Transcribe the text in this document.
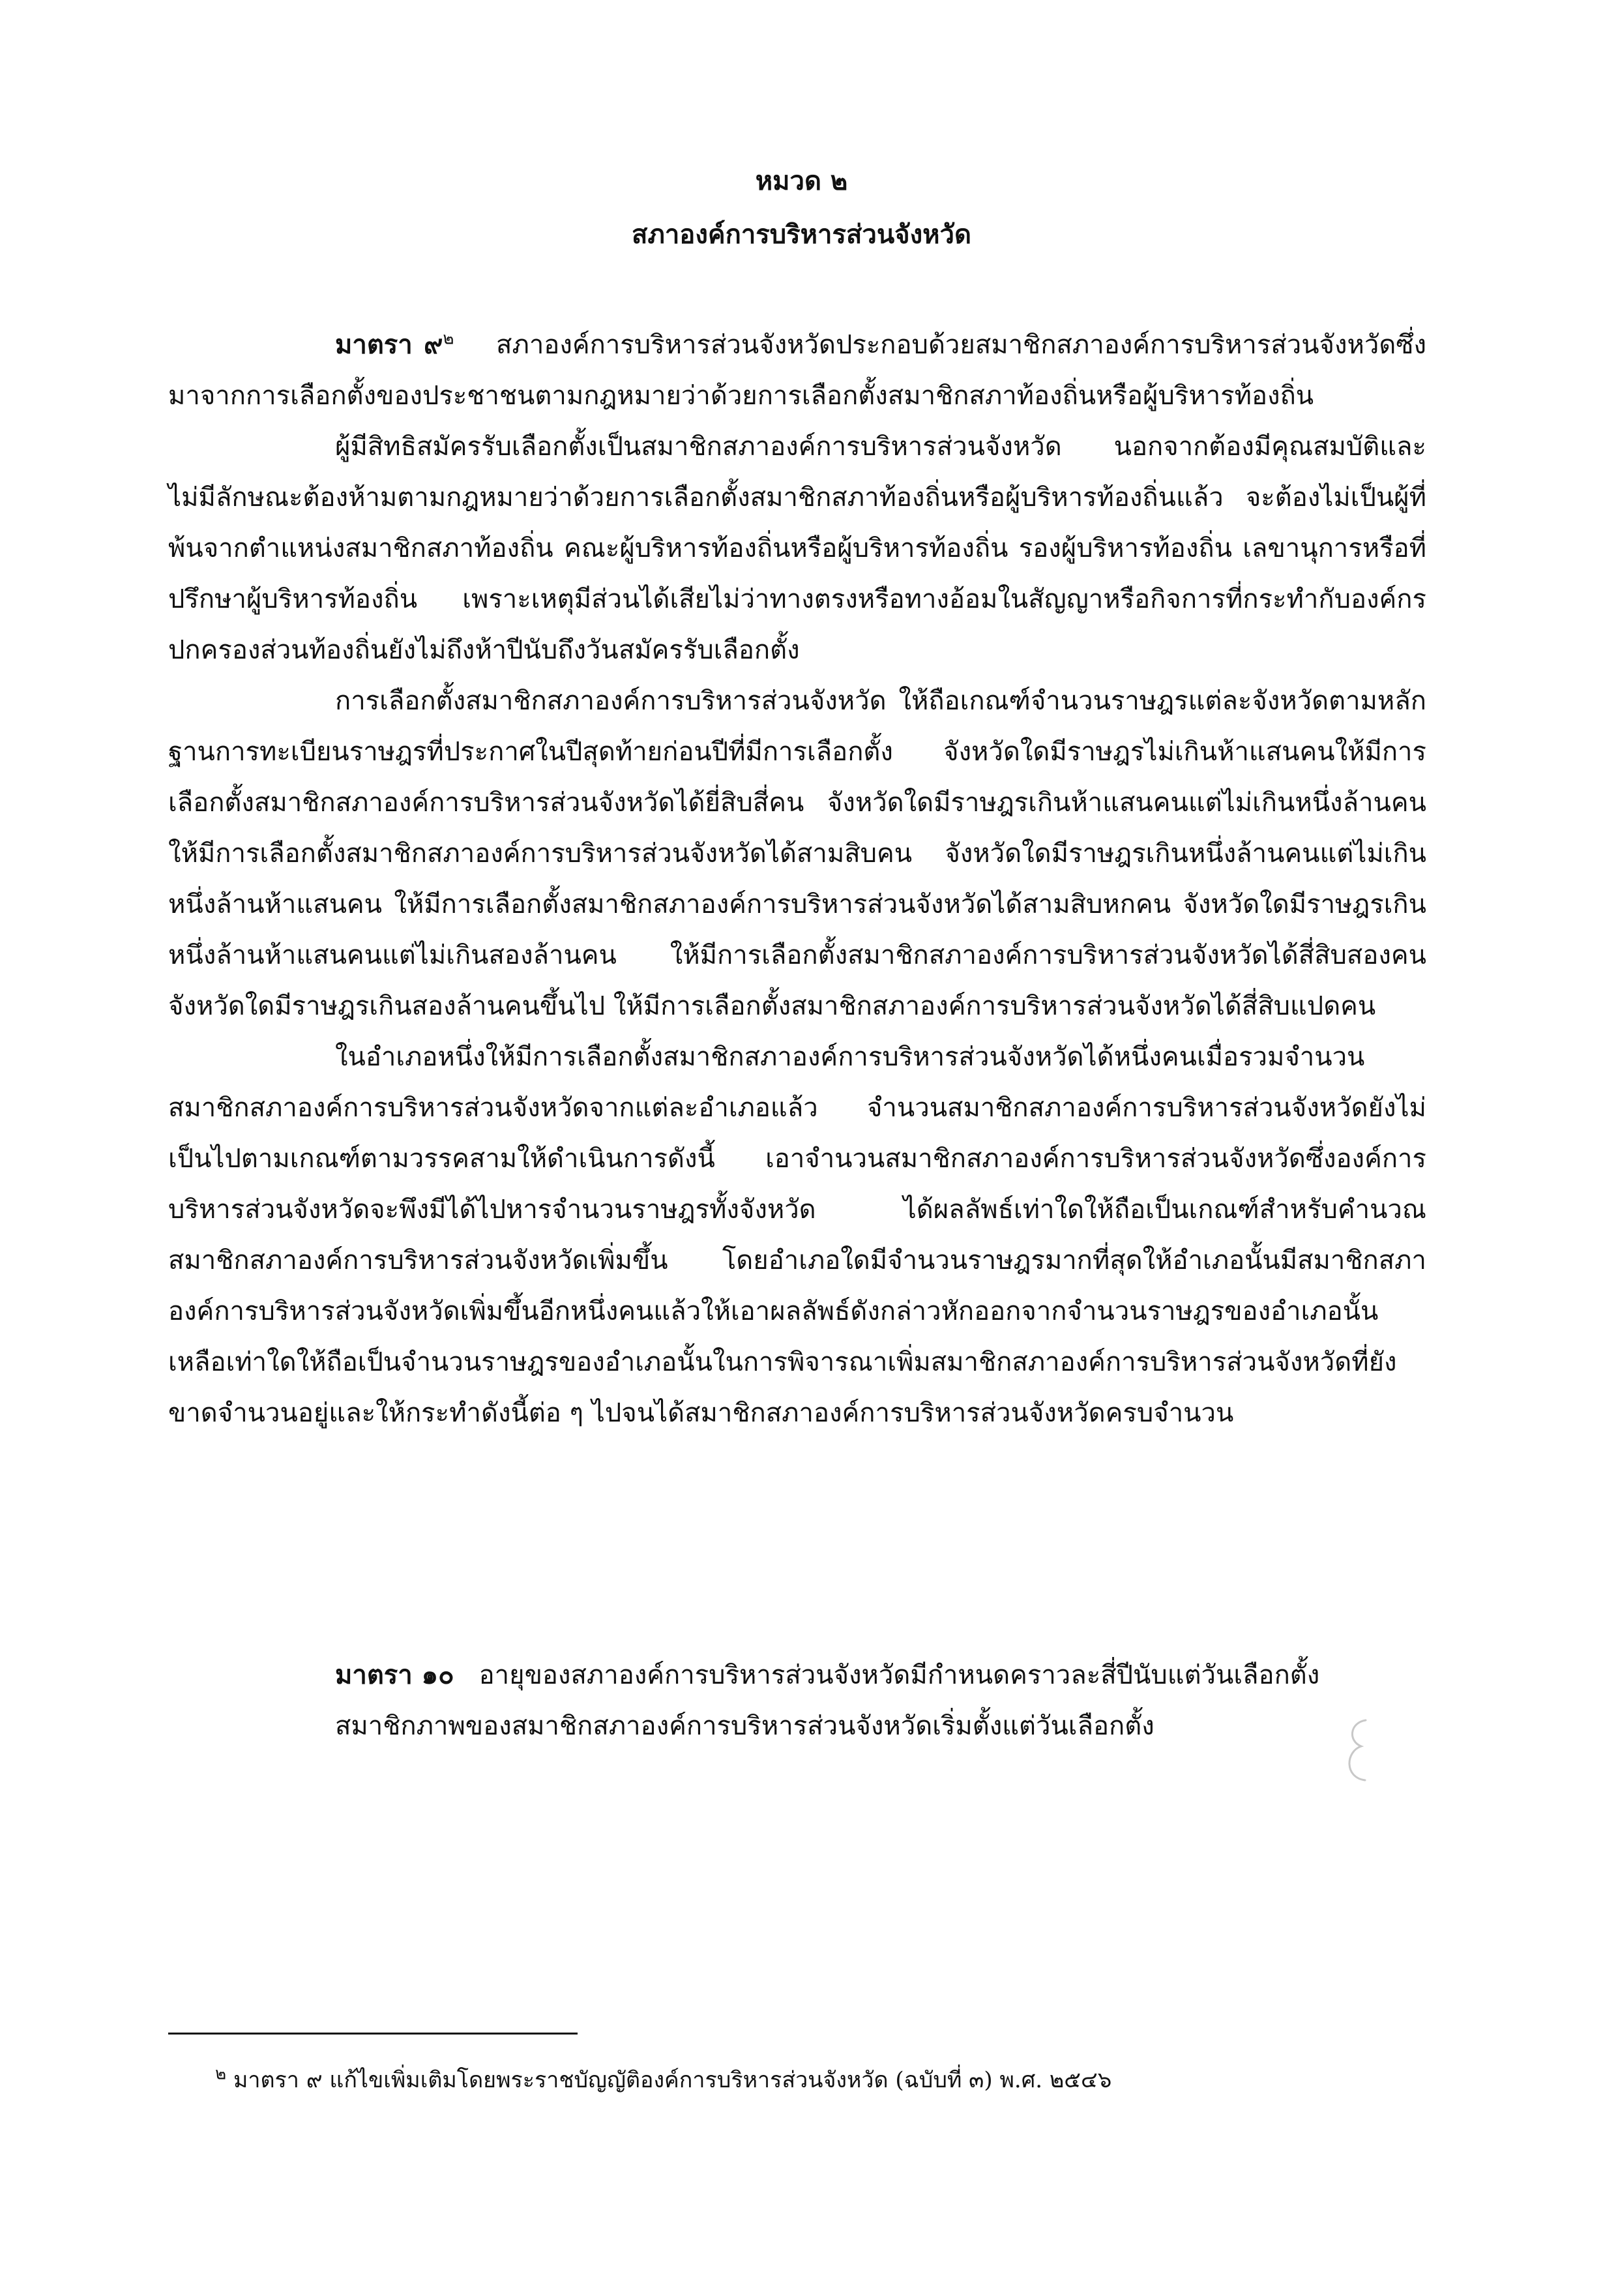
หมวด ๒
สภาองค์การบริหารส่วนจังหวัด

มาตรา ๙$^๒$ สภาองค์การบริหารส่วนจังหวัดประกอบด้วยสมาชิกสภาองค์การบริหารส่วนจังหวัดซึ่งมาจากการเลือกตั้งของประชาชนตามกฎหมายว่าด้วยการเลือกตั้งสมาชิกสภาท้องถิ่นหรือผู้บริหารท้องถิ่น

ผู้มีสิทธิสมัครรับเลือกตั้งเป็นสมาชิกสภาองค์การบริหารส่วนจังหวัด นอกจากต้องมีคุณสมบัติและไม่มีลักษณะต้องห้ามตามกฎหมายว่าด้วยการเลือกตั้งสมาชิกสภาท้องถิ่นหรือผู้บริหารท้องถิ่นแล้ว จะต้องไม่เป็นผู้ที่พ้นจากตำแหน่งสมาชิกสภาท้องถิ่น คณะผู้บริหารท้องถิ่นหรือผู้บริหารท้องถิ่น รองผู้บริหารท้องถิ่น เลขานุการหรือที่ปรึกษาผู้บริหารท้องถิ่น เพราะเหตุมีส่วนได้เสียไม่ว่าทางตรงหรือทางอ้อมในสัญญาหรือกิจการที่กระทำกับองค์กรปกครองส่วนท้องถิ่นยังไม่ถึงห้าปีนับถึงวันสมัครรับเลือกตั้ง

การเลือกตั้งสมาชิกสภาองค์การบริหารส่วนจังหวัด ให้ถือเกณฑ์จำนวนราษฎรแต่ละจังหวัดตามหลักฐานการทะเบียนราษฎรที่ประกาศในปีสุดท้ายก่อนปีที่มีการเลือกตั้ง จังหวัดใดมีราษฎรไม่เกินห้าแสนคนให้มีการเลือกตั้งสมาชิกสภาองค์การบริหารส่วนจังหวัดได้ยี่สิบสี่คน จังหวัดใดมีราษฎรเกินห้าแสนคนแต่ไม่เกินหนึ่งล้านคน ให้มีการเลือกตั้งสมาชิกสภาองค์การบริหารส่วนจังหวัดได้สามสิบคน จังหวัดใดมีราษฎรเกินหนึ่งล้านคนแต่ไม่เกินหนึ่งล้านห้าแสนคน ให้มีการเลือกตั้งสมาชิกสภาองค์การบริหารส่วนจังหวัดได้สามสิบหกคน จังหวัดใดมีราษฎรเกินหนึ่งล้านห้าแสนคนแต่ไม่เกินสองล้านคน ให้มีการเลือกตั้งสมาชิกสภาองค์การบริหารส่วนจังหวัดได้สี่สิบสองคน จังหวัดใดมีราษฎรเกินสองล้านคนขึ้นไป ให้มีการเลือกตั้งสมาชิกสภาองค์การบริหารส่วนจังหวัดได้สี่สิบแปดคน

ในอำเภอหนึ่งให้มีการเลือกตั้งสมาชิกสภาองค์การบริหารส่วนจังหวัดได้หนึ่งคนเมื่อรวมจำนวนสมาชิกสภาองค์การบริหารส่วนจังหวัดจากแต่ละอำเภอแล้ว จำนวนสมาชิกสภาองค์การบริหารส่วนจังหวัดยังไม่เป็นไปตามเกณฑ์ตามวรรคสามให้ดำเนินการดังนี้ เอาจำนวนสมาชิกสภาองค์การบริหารส่วนจังหวัดซึ่งองค์การบริหารส่วนจังหวัดจะพึงมีได้ไปหารจำนวนราษฎรทั้งจังหวัด ได้ผลลัพธ์เท่าใดให้ถือเป็นเกณฑ์สำหรับคำนวณสมาชิกสภาองค์การบริหารส่วนจังหวัดเพิ่มขึ้น โดยอำเภอใดมีจำนวนราษฎรมากที่สุดให้อำเภอนั้นมีสมาชิกสภาองค์การบริหารส่วนจังหวัดเพิ่มขึ้นอีกหนึ่งคนแล้วให้เอาผลลัพธ์ดังกล่าวหักออกจากจำนวนราษฎรของอำเภอนั้น เหลือเท่าใดให้ถือเป็นจำนวนราษฎรของอำเภอนั้นในการพิจารณาเพิ่มสมาชิกสภาองค์การบริหารส่วนจังหวัดที่ยังขาดจำนวนอยู่และให้กระทำดังนี้ต่อ ๆ ไปจนได้สมาชิกสภาองค์การบริหารส่วนจังหวัดครบจำนวน

มาตรา ๑๐ อายุของสภาองค์การบริหารส่วนจังหวัดมีกำหนดคราวละสี่ปีนับแต่วันเลือกตั้ง

สมาชิกภาพของสมาชิกสภาองค์การบริหารส่วนจังหวัดเริ่มตั้งแต่วันเลือกตั้ง

$^๒$ มาตรา ๙ แก้ไขเพิ่มเติมโดยพระราชบัญญัติองค์การบริหารส่วนจังหวัด (ฉบับที่ ๓) พ.ศ. ๒๕๔๖
